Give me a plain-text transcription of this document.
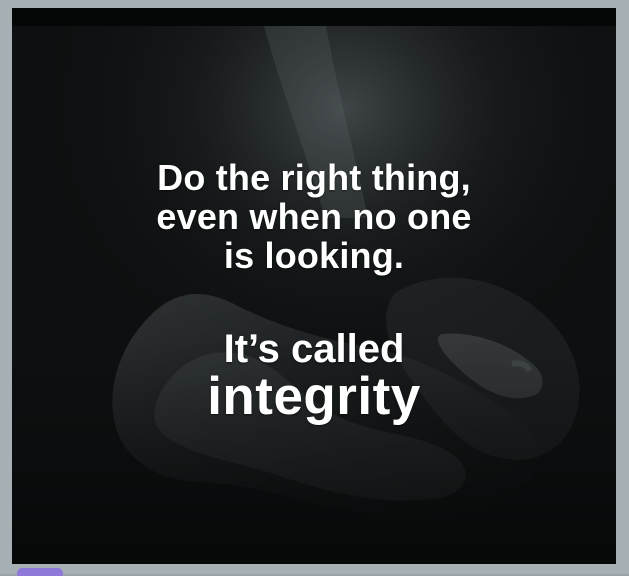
Do the right thing,
even when no one
is looking.
It’s called
integrity
